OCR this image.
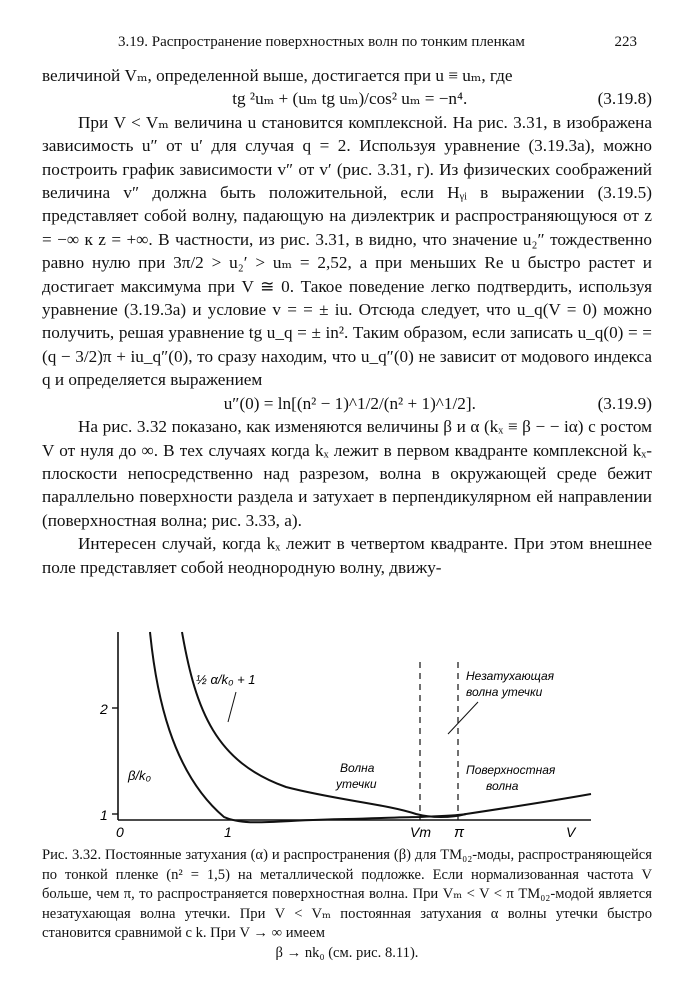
3.19. Распространение поверхностных волн по тонким пленкам	223

величиной Vₘ, определенной выше, достигается при u ≡ uₘ, где

tg ²uₘ + (uₘ tg uₘ)/cos² uₘ = −n⁴.	(3.19.8)

При V < Vₘ величина u становится комплексной. На рис. 3.31, в изображена зависимость u″ от u′ для случая q = 2. Используя уравнение (3.19.3а), можно построить график зависимости v″ от v′ (рис. 3.31, г). Из физических соображений величина v″ должна быть положительной, если Hᵧᵢ в выражении (3.19.5) представляет собой волну, падающую на диэлектрик и распространяющуюся от z = −∞ к z = +∞. В частности, из рис. 3.31, в видно, что значение u₂″ тождественно равно нулю при 3π/2 > u₂′ > uₘ = 2,52, а при меньших Re u быстро растет и достигает максимума при V ≅ 0. Такое поведение легко подтвердить, используя уравнение (3.19.3а) и условие v = = ± iu. Отсюда следует, что u_q(V = 0) можно получить, решая уравнение tg u_q = ± in². Таким образом, если записать u_q(0) = = (q − 3/2)π + iu_q″(0), то сразу находим, что u_q″(0) не зависит от модового индекса q и определяется выражением

u″(0) = ln[(n² − 1)^1/2/(n² + 1)^1/2].	(3.19.9)

На рис. 3.32 показано, как изменяются величины β и α (kₓ ≡ β − − iα) с ростом V от нуля до ∞. В тех случаях когда kₓ лежит в первом квадранте комплексной kₓ-плоскости непосредственно над разрезом, волна в окружающей среде бежит параллельно поверхности раздела и затухает в перпендикулярном ей направлении (поверхностная волна; рис. 3.33, а).

Интересен случай, когда kₓ лежит в четвертом квадранте. При этом внешнее поле представляет собой неоднородную волну, движу-

2
1
0	1	Vm π	V
½ α/k₀ + 1
β/k₀	Волна
утечки
Незатухающая
волна утечки
Поверхностная
волна
Рис. 3.32. Постоянные затухания (α) и распространения (β) для TM₀₂-моды, распространяющейся по тонкой пленке (n² = 1,5) на металлической подложке. Если нормализованная частота V больше, чем π, то распространяется поверхностная волна. При Vₘ < V < π TM₀₂-модой является незатухающая волна утечки. При V < Vₘ постоянная затухания α волны утечки быстро становится сравнимой с k. При V → ∞ имеем
β → nk₀ (см. рис. 8.11).
